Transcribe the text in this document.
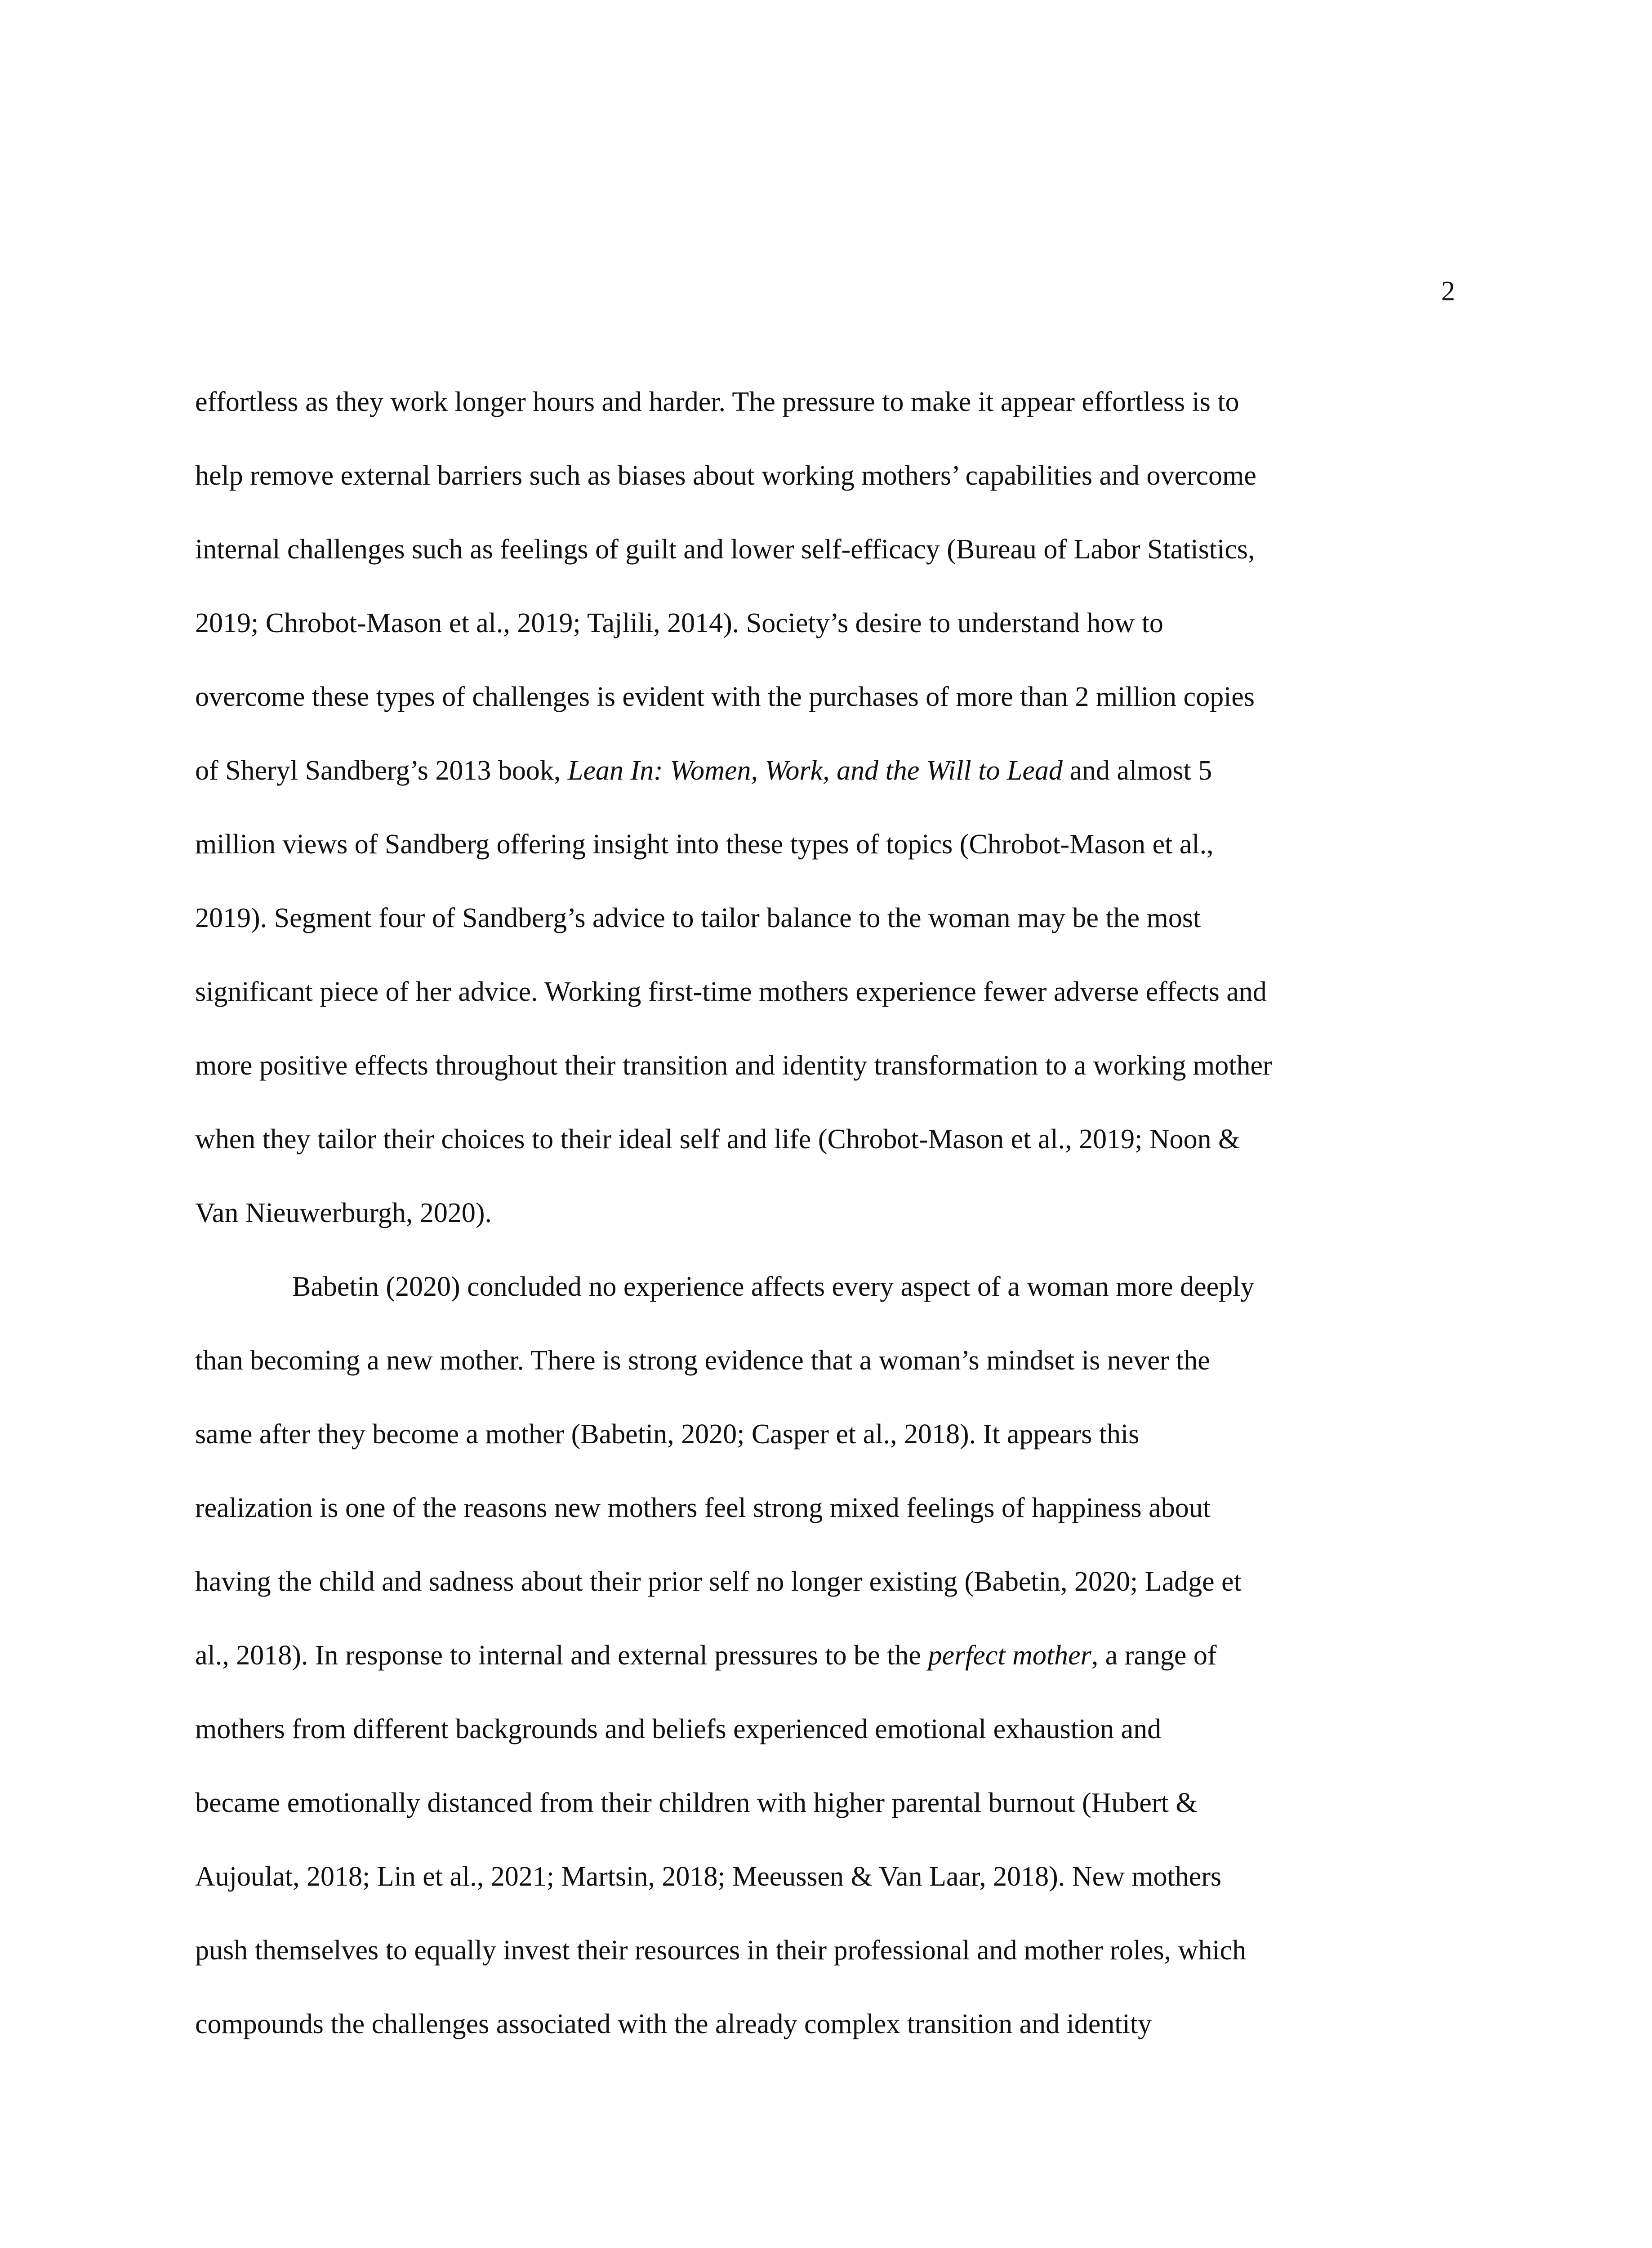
2
effortless as they work longer hours and harder. The pressure to make it appear effortless is to
help remove external barriers such as biases about working mothers’ capabilities and overcome
internal challenges such as feelings of guilt and lower self-efficacy (Bureau of Labor Statistics,
2019; Chrobot-Mason et al., 2019; Tajlili, 2014). Society’s desire to understand how to
overcome these types of challenges is evident with the purchases of more than 2 million copies
of Sheryl Sandberg’s 2013 book, Lean In: Women, Work, and the Will to Lead and almost 5
million views of Sandberg offering insight into these types of topics (Chrobot-Mason et al.,
2019). Segment four of Sandberg’s advice to tailor balance to the woman may be the most
significant piece of her advice. Working first-time mothers experience fewer adverse effects and
more positive effects throughout their transition and identity transformation to a working mother
when they tailor their choices to their ideal self and life (Chrobot-Mason et al., 2019; Noon &
Van Nieuwerburgh, 2020).
Babetin (2020) concluded no experience affects every aspect of a woman more deeply
than becoming a new mother. There is strong evidence that a woman’s mindset is never the
same after they become a mother (Babetin, 2020; Casper et al., 2018). It appears this
realization is one of the reasons new mothers feel strong mixed feelings of happiness about
having the child and sadness about their prior self no longer existing (Babetin, 2020; Ladge et
al., 2018). In response to internal and external pressures to be the perfect mother, a range of
mothers from different backgrounds and beliefs experienced emotional exhaustion and
became emotionally distanced from their children with higher parental burnout (Hubert &
Aujoulat, 2018; Lin et al., 2021; Martsin, 2018; Meeussen & Van Laar, 2018). New mothers
push themselves to equally invest their resources in their professional and mother roles, which
compounds the challenges associated with the already complex transition and identity
